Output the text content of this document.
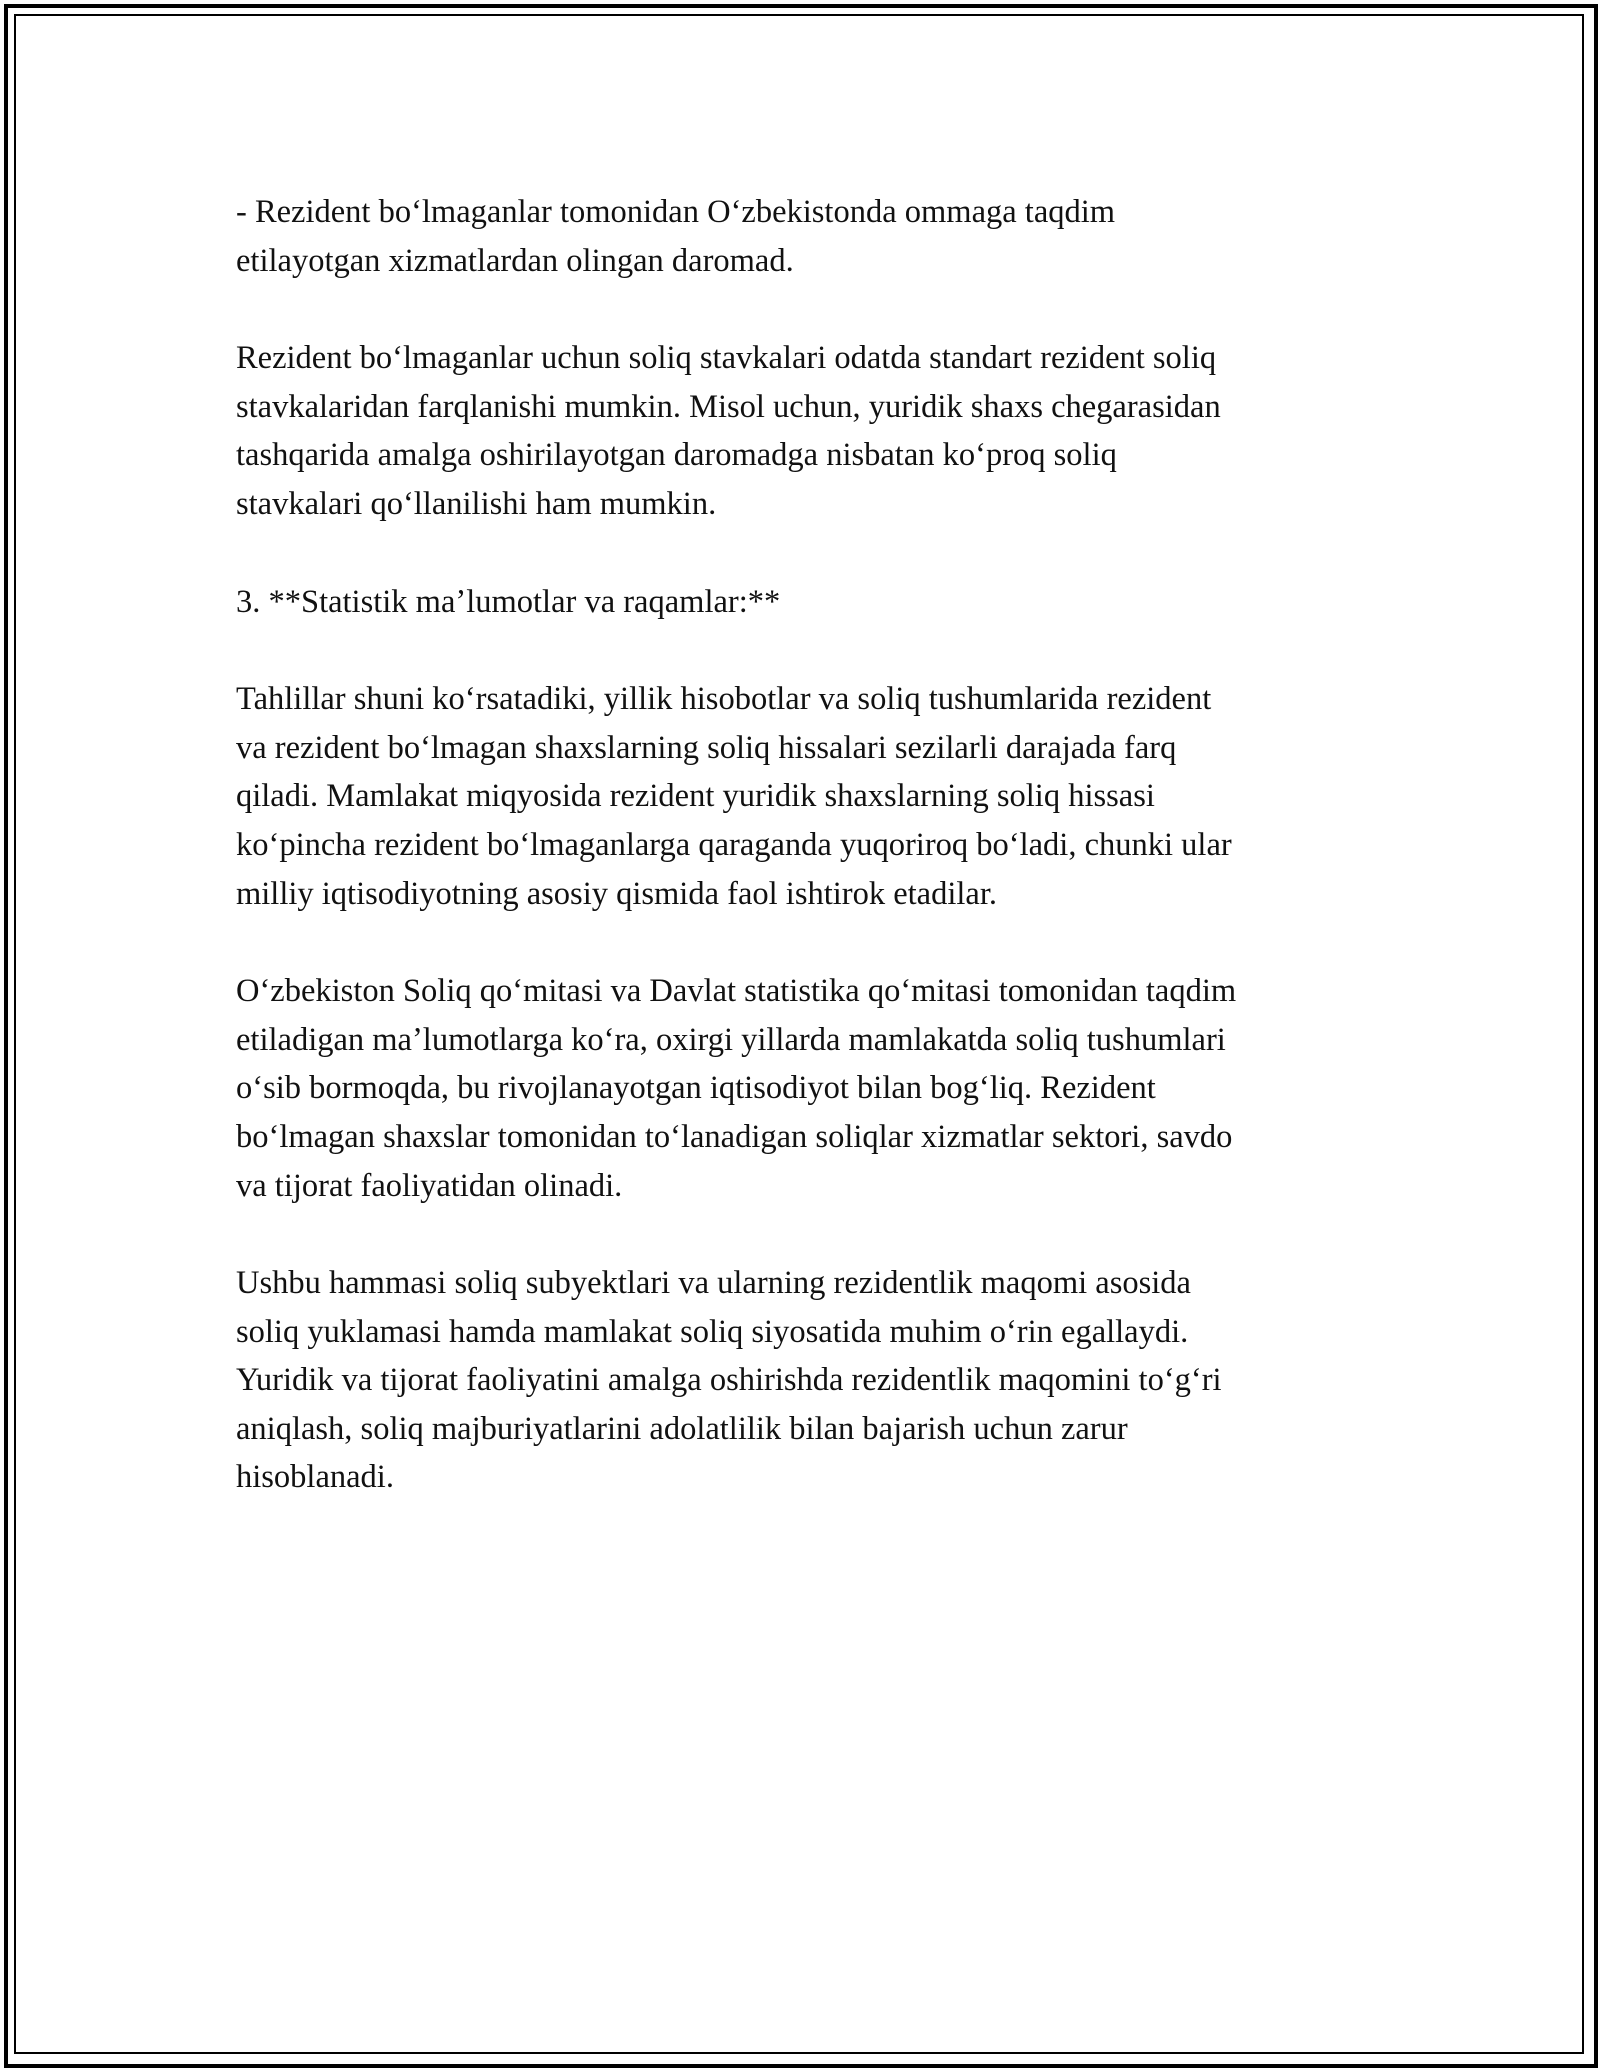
- Rezident boʻlmaganlar tomonidan Oʻzbekistonda ommaga taqdim
etilayotgan xizmatlardan olingan daromad.

Rezident boʻlmaganlar uchun soliq stavkalari odatda standart rezident soliq
stavkalaridan farqlanishi mumkin. Misol uchun, yuridik shaxs chegarasidan
tashqarida amalga oshirilayotgan daromadga nisbatan koʻproq soliq
stavkalari qoʻllanilishi ham mumkin.

3. **Statistik maʼlumotlar va raqamlar:**

Tahlillar shuni koʻrsatadiki, yillik hisobotlar va soliq tushumlarida rezident
va rezident boʻlmagan shaxslarning soliq hissalari sezilarli darajada farq
qiladi. Mamlakat miqyosida rezident yuridik shaxslarning soliq hissasi
koʻpincha rezident boʻlmaganlarga qaraganda yuqoriroq boʻladi, chunki ular
milliy iqtisodiyotning asosiy qismida faol ishtirok etadilar.

Oʻzbekiston Soliq qoʻmitasi va Davlat statistika qoʻmitasi tomonidan taqdim
etiladigan maʼlumotlarga koʻra, oxirgi yillarda mamlakatda soliq tushumlari
oʻsib bormoqda, bu rivojlanayotgan iqtisodiyot bilan bogʻliq. Rezident
boʻlmagan shaxslar tomonidan toʻlanadigan soliqlar xizmatlar sektori, savdo
va tijorat faoliyatidan olinadi.

Ushbu hammasi soliq subyektlari va ularning rezidentlik maqomi asosida
soliq yuklamasi hamda mamlakat soliq siyosatida muhim oʻrin egallaydi.
Yuridik va tijorat faoliyatini amalga oshirishda rezidentlik maqomini toʻgʻri
aniqlash, soliq majburiyatlarini adolatlilik bilan bajarish uchun zarur
hisoblanadi.
